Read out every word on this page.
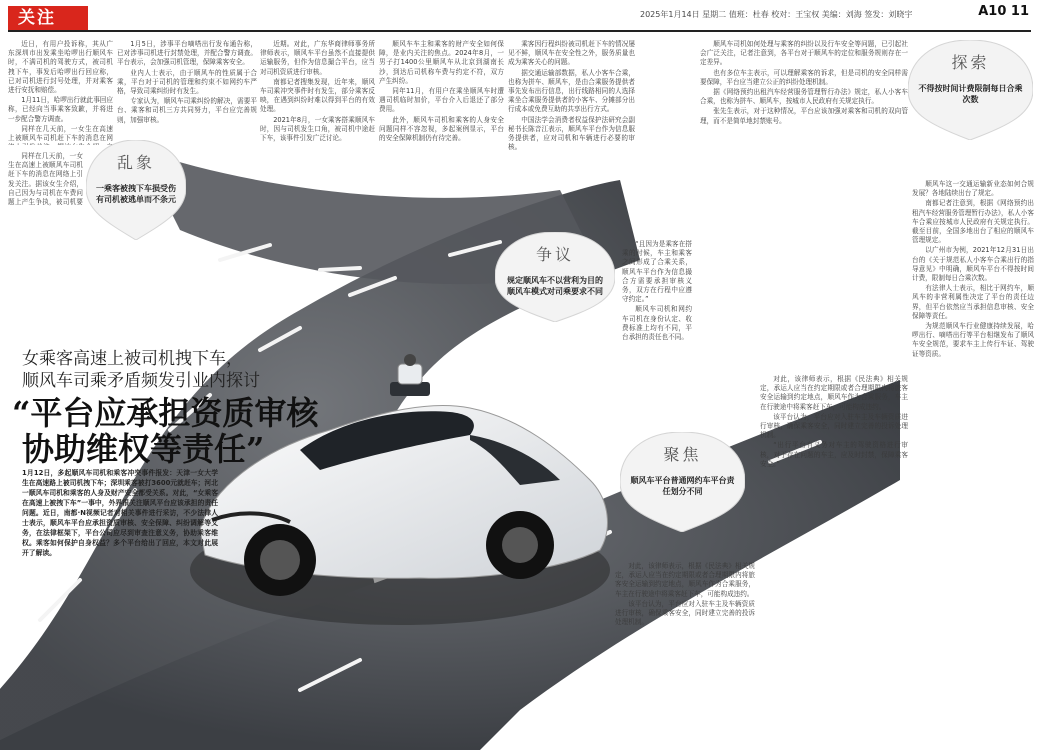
关注	2025年1月14日 星期二 值班：杜春 校对：王宝权 美编：刘海 签发：刘晓宇	A10 11

近日，有用户投诉称，其从广东深圳市出发乘坐哈啰出行顺风车时，不满司机的驾驶方式，被司机拽下车，事发后哈啰出行回应称，已对司机进行封号处理，并对乘客进行安抚和赔偿。

1月11日，哈啰出行就此事回应称，已经向当事乘客致歉，并将进一步配合警方调查。

同样在几天前，一女生在高速上被顺风车司机赶下车的消息在网

同样在几天前，一女生在高速上被顺风车司机赶下车的消息在网络上引发关注。据该女生介绍，自己因为与司机在车费问题上产生争执，被司机要

1月5日，涉事平台嘀嗒出行发布通告称，已对涉事司机进行封禁处理，并配合警方调查。平台表示，会加强司机管理，保障乘客安全。

业内人士表示，由于顺风车的性质属于合乘，平台对于司机的管理和约束不如网约车严格，导致司乘纠纷时有发生。

专家认为，顺风车司乘纠纷的解决，需要平台、乘客和司机三方共同努力，平台应完善规则，加强审核。

近期。对此，广东华商律师事务所律师表示，顺风车平台虽然不直接提供运输服务，但作为信息撮合平台，应当对司机资质进行审核。

南都记者搜集发现，近年来，顺风车司乘冲突事件时有发生，部分乘客反映，在遇到纠纷时难以得到平台的有效处理。

2021年8月，一女乘客搭乘顺风车时，因与司机发生口角，被司机中途赶下车，该事件引发广泛讨论。

顺风车车主和乘客的财产安全如何保障，是业内关注的焦点。2024年8月，一男子打1400公里顺风车从北京到湖南长沙，到达后司机称车费与约定不符，双方产生纠纷。

同年11月，有用户在乘坐顺风车时遭遇司机临时加价，平台介入后退还了部分费用。

此外，顺风车司机和乘客的人身安全问题同样不容忽视，多起案例显示，平台的安全保障机制仍有待完善。

乘客因行程纠纷被司机赶下车的情况屡见不鲜，顺风车在安全性之外，服务质量也成为乘客关心的问题。

据交通运输部数据，私人小客车合乘，也称为拼车、顺风车，是由合乘服务提供者事先发布出行信息，出行线路相同的人选择乘坐合乘服务提供者的小客车、分摊部分出行成本或免费互助的共享出行方式。

中国法学会消费者权益保护法研究会副秘书长陈音江表示，顺风车平台作为信息服务提供者，应对司机和车辆进行必要的审核。

“且因为是乘客在搭乘的时候，车主和乘客之间形成了合乘关系，顺风车平台作为信息撮合方需要承担审核义务，双方在行程中应遵守约定。”

顺风车司机和网约车司机在身份认定、收费标准上均有不同，平台承担的责任也不同。

顺风车司机如何处理与乘客的纠纷以及行车安全等问题，已引起社会广泛关注，记者注意到，各平台对于顺风车的定位和服务规则存在一定差异。

也有多位车主表示，可以理解乘客的诉求，但是司机的安全同样需要保障，平台应当建立公正的纠纷处理机制。

据《网络预约出租汽车经营服务管理暂行办法》规定，私人小客车合乘，也称为拼车、顺风车，按城市人民政府有关规定执行。

张先生表示，对于这种情况，平台应该加强对乘客和司机的双向管理，而不是简单地封禁账号。

对此，该律师表示，根据《民法典》相关规定，承运人应当在约定期限或者合理期限内将旅客安全运输到约定地点，顺风车作为合乘服务，车主在行驶途中将乘客赶下车，可能构成违约。

该平台认为，平台应对入驻车主及车辆资质进行审核，确保乘客安全，同时建立完善的投诉处理机制。

“出行平台有义务对车主的驾驶资格进行审核，对于存在问题的车主，应及时封禁，保障乘客安全。”

对此，该律师表示，根据《民法典》相关规定，承运人应当在约定期限或者合理期限内将旅客安全运输到约定地点，顺风车作为合乘服务，车主在行驶途中将乘客赶下车，可能构成违约。

该平台认为，平台应对入驻车主及车辆资质进行审核，确保乘客安全，同时建立完善的投诉处理机制。

顺风车这一交通运输新业态如何合规发展？各地陆续出台了规定。

南都记者注意到，根据《网络预约出租汽车经营服务管理暂行办法》，私人小客车合乘应按城市人民政府有关规定执行。截至目前，全国多地出台了相应的顺风车管理规定。

以广州市为例，2021年12月31日出台的《关于规范私人小客车合乘出行的指导意见》中明确，顺风车平台不得按时间计费，限制每日合乘次数。

有法律人士表示，相比于网约车，顺风车的非营利属性决定了平台的责任边界，但平台依然应当承担信息审核、安全保障等责任。

为规范顺风车行业健康持续发展，哈啰出行、嘀嗒出行等平台相继发布了顺风车安全规范，要求车主上传行车证、驾驶证等资质。

乱象
一乘客被拽下车损受伤有司机被逃单而不条元
争议
规定顺风车不以营利为目的顺风车模式对司乘要求不同
聚焦
顺风车平台普通网约车平台责任划分不同
探索
不得按时间计费限制每日合乘次数
女乘客高速上被司机拽下车，
顺风车司乘矛盾频发引业内探讨
“平台应承担资质审核
协助维权等责任”
1月12日，多起顺风车司机和乘客冲突事件报发：天津一女大学生在高速路上被司机拽下车；深圳乘客被打3600元就赶车；河北一顺风车司机和乘客的人身及财产安全都受关系。对此，“女乘客在高速上被拽下车”一事中，外界很关注顺风平台应该承担的责任问题。近日，南都·N视频记者对相关事件进行采访，不少法律人士表示，顺风车平台应承担资质审核、安全保障、纠纷调解等义务，在法律框架下，平台公司应尽到审查注意义务，协助乘客维权。乘客如何保护自身权益？多个平台给出了回应，本文对此展开了解读。
